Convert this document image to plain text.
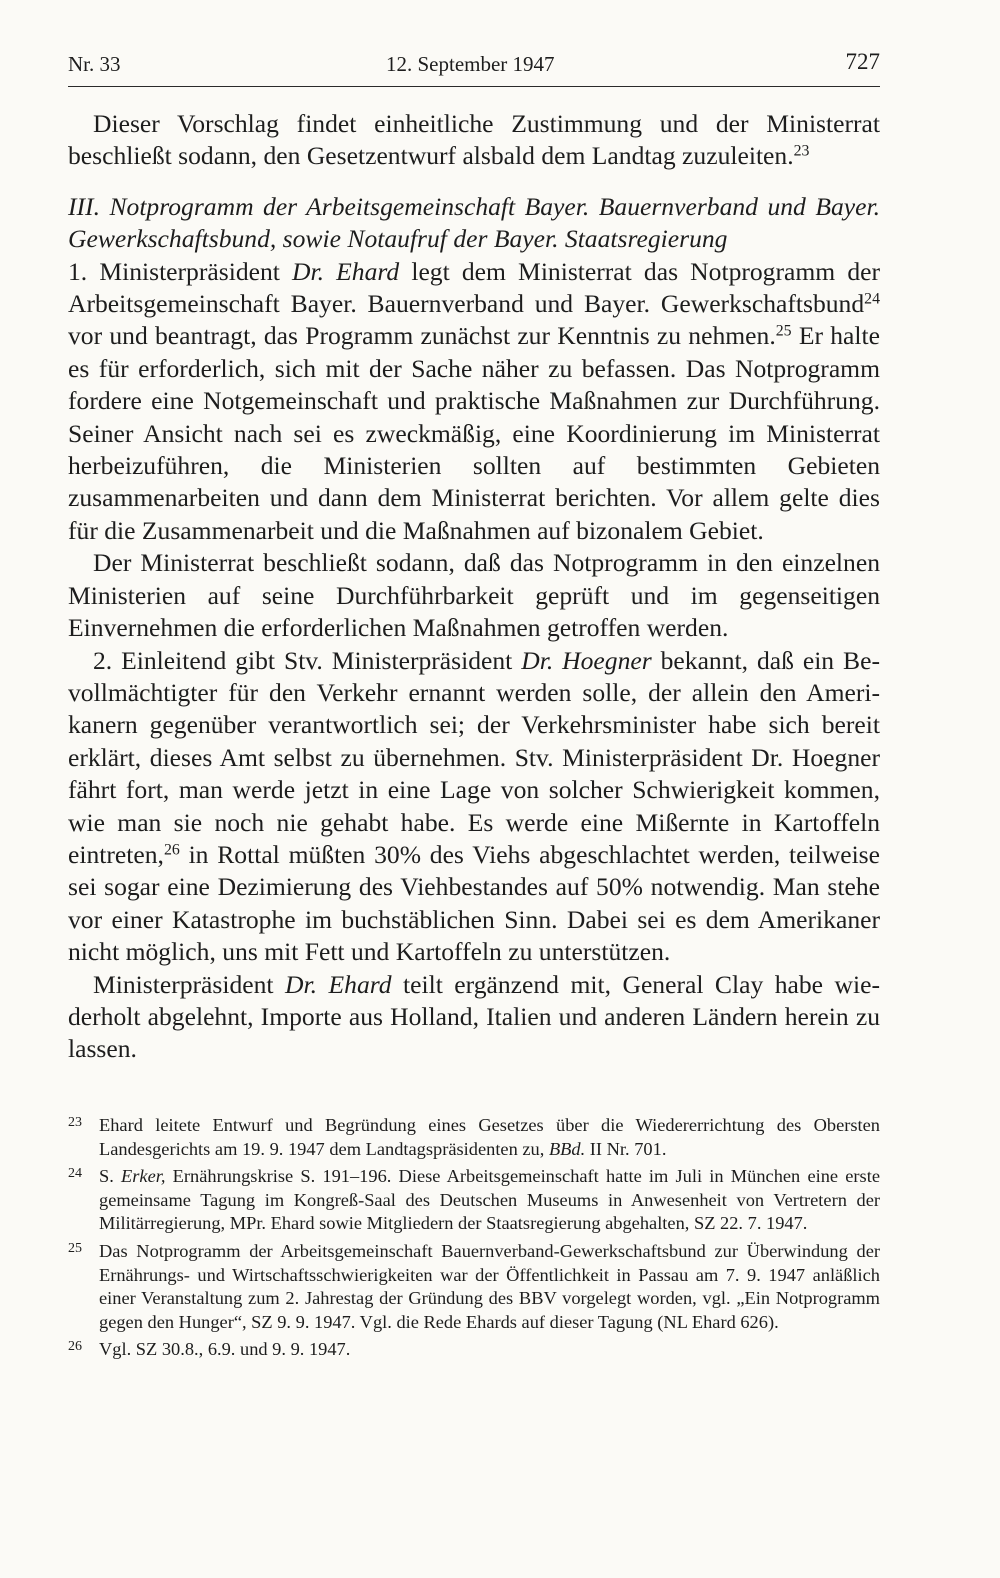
Nr. 33	12. September 1947	727

Dieser Vorschlag findet einheitliche Zustimmung und der Ministerrat beschließt sodann, den Gesetzentwurf alsbald dem Landtag zuzuleiten.$^{23}$

III. Notprogramm der Arbeitsgemeinschaft Bayer. Bauernverband und Bayer. Gewerkschaftsbund, sowie Notaufruf der Bayer. Staatsregierung

1. Ministerpräsident Dr. Ehard legt dem Ministerrat das Notprogramm der Arbeitsgemeinschaft Bayer. Bauernverband und Bayer. Gewerkschaftsbund$^{24}$ vor und beantragt, das Programm zunächst zur Kenntnis zu nehmen.$^{25}$ Er halte es für erforderlich, sich mit der Sache näher zu befassen. Das Notprogramm fordere eine Notgemeinschaft und praktische Maßnahmen zur Durchführung. Seiner Ansicht nach sei es zweckmäßig, eine Koordinierung im Ministerrat herbeizuführen, die Ministerien sollten auf bestimmten Gebieten zusammenarbeiten und dann dem Ministerrat berichten. Vor allem gelte dies für die Zusammenarbeit und die Maßnahmen auf bizonalem Gebiet.

Der Ministerrat beschließt sodann, daß das Notprogramm in den einzelnen Ministerien auf seine Durchführbarkeit geprüft und im gegenseitigen Einvernehmen die erforderlichen Maßnahmen getroffen werden.

2. Einleitend gibt Stv. Ministerpräsident Dr. Hoegner bekannt, daß ein Bevollmächtigter für den Verkehr ernannt werden solle, der allein den Amerikanern gegenüber verantwortlich sei; der Verkehrsminister habe sich bereit erklärt, dieses Amt selbst zu übernehmen. Stv. Ministerpräsident Dr. Hoegner fährt fort, man werde jetzt in eine Lage von solcher Schwierigkeit kommen, wie man sie noch nie gehabt habe. Es werde eine Mißernte in Kartoffeln eintreten,$^{26}$ in Rottal müßten 30% des Viehs abgeschlachtet werden, teilweise sei sogar eine Dezimierung des Viehbestandes auf 50% notwendig. Man stehe vor einer Katastrophe im buchstäblichen Sinn. Dabei sei es dem Amerikaner nicht möglich, uns mit Fett und Kartoffeln zu unterstützen.

Ministerpräsident Dr. Ehard teilt ergänzend mit, General Clay habe wiederholt abgelehnt, Importe aus Holland, Italien und anderen Ländern herein zu lassen.

23 Ehard leitete Entwurf und Begründung eines Gesetzes über die Wiedererrichtung des Obersten Landesgerichts am 19. 9. 1947 dem Landtagspräsidenten zu, BBd. II Nr. 701.
24 S. Erker, Ernährungskrise S. 191–196. Diese Arbeitsgemeinschaft hatte im Juli in München eine erste gemeinsame Tagung im Kongreß-Saal des Deutschen Museums in Anwesenheit von Vertretern der Militärregierung, MPr. Ehard sowie Mitgliedern der Staatsregierung abgehalten, SZ 22. 7. 1947.
25 Das Notprogramm der Arbeitsgemeinschaft Bauernverband-Gewerkschaftsbund zur Überwindung der Ernährungs- und Wirtschaftsschwierigkeiten war der Öffentlichkeit in Passau am 7. 9. 1947 anläßlich einer Veranstaltung zum 2. Jahrestag der Gründung des BBV vorgelegt worden, vgl. „Ein Notprogramm gegen den Hunger“, SZ 9. 9. 1947. Vgl. die Rede Ehards auf dieser Tagung (NL Ehard 626).
26 Vgl. SZ 30.8., 6.9. und 9. 9. 1947.
